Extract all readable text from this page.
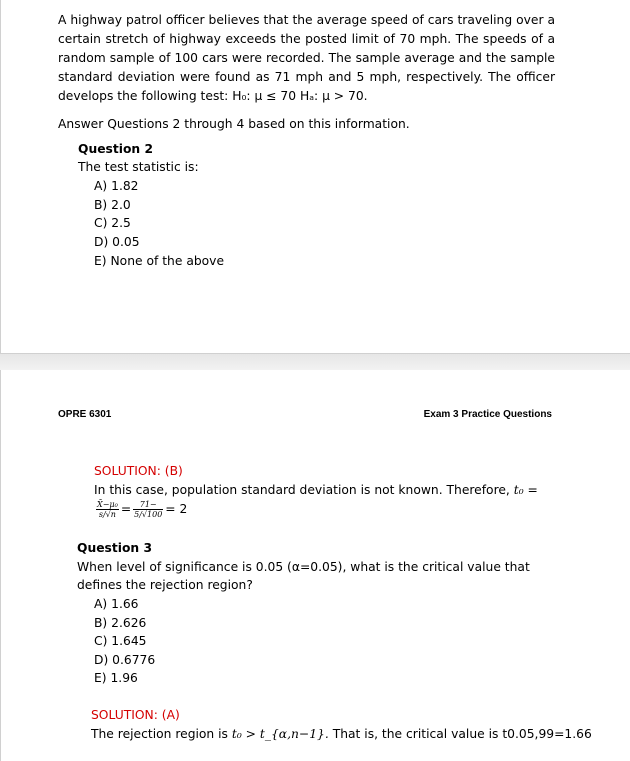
A highway patrol officer believes that the average speed of cars traveling over a
certain stretch of highway exceeds the posted limit of 70 mph. The speeds of a
random sample of 100 cars were recorded. The sample average and the sample
standard deviation were found as 71 mph and 5 mph, respectively. The officer
develops the following test: H₀: μ ≤ 70 Hₐ: μ > 70.
Answer Questions 2 through 4 based on this information.
Question 2
The test statistic is:
A) 1.82
B) 2.0
C) 2.5
D) 0.05
E) None of the above
OPRE 6301	Exam 3 Practice Questions
SOLUTION: (B)
In this case, population standard deviation is not known. Therefore, t₀ =
$\frac{\text{X̄−μ₀}}{s/√n} = \frac{71-}{5/√100} = 2$
Question 3
When level of significance is 0.05 (α=0.05), what is the critical value that
defines the rejection region?
A) 1.66
B) 2.626
C) 1.645
D) 0.6776
E) 1.96
SOLUTION: (A)
The rejection region is t₀ > t_{α,n−1}. That is, the critical value is t0.05,99=1.66
